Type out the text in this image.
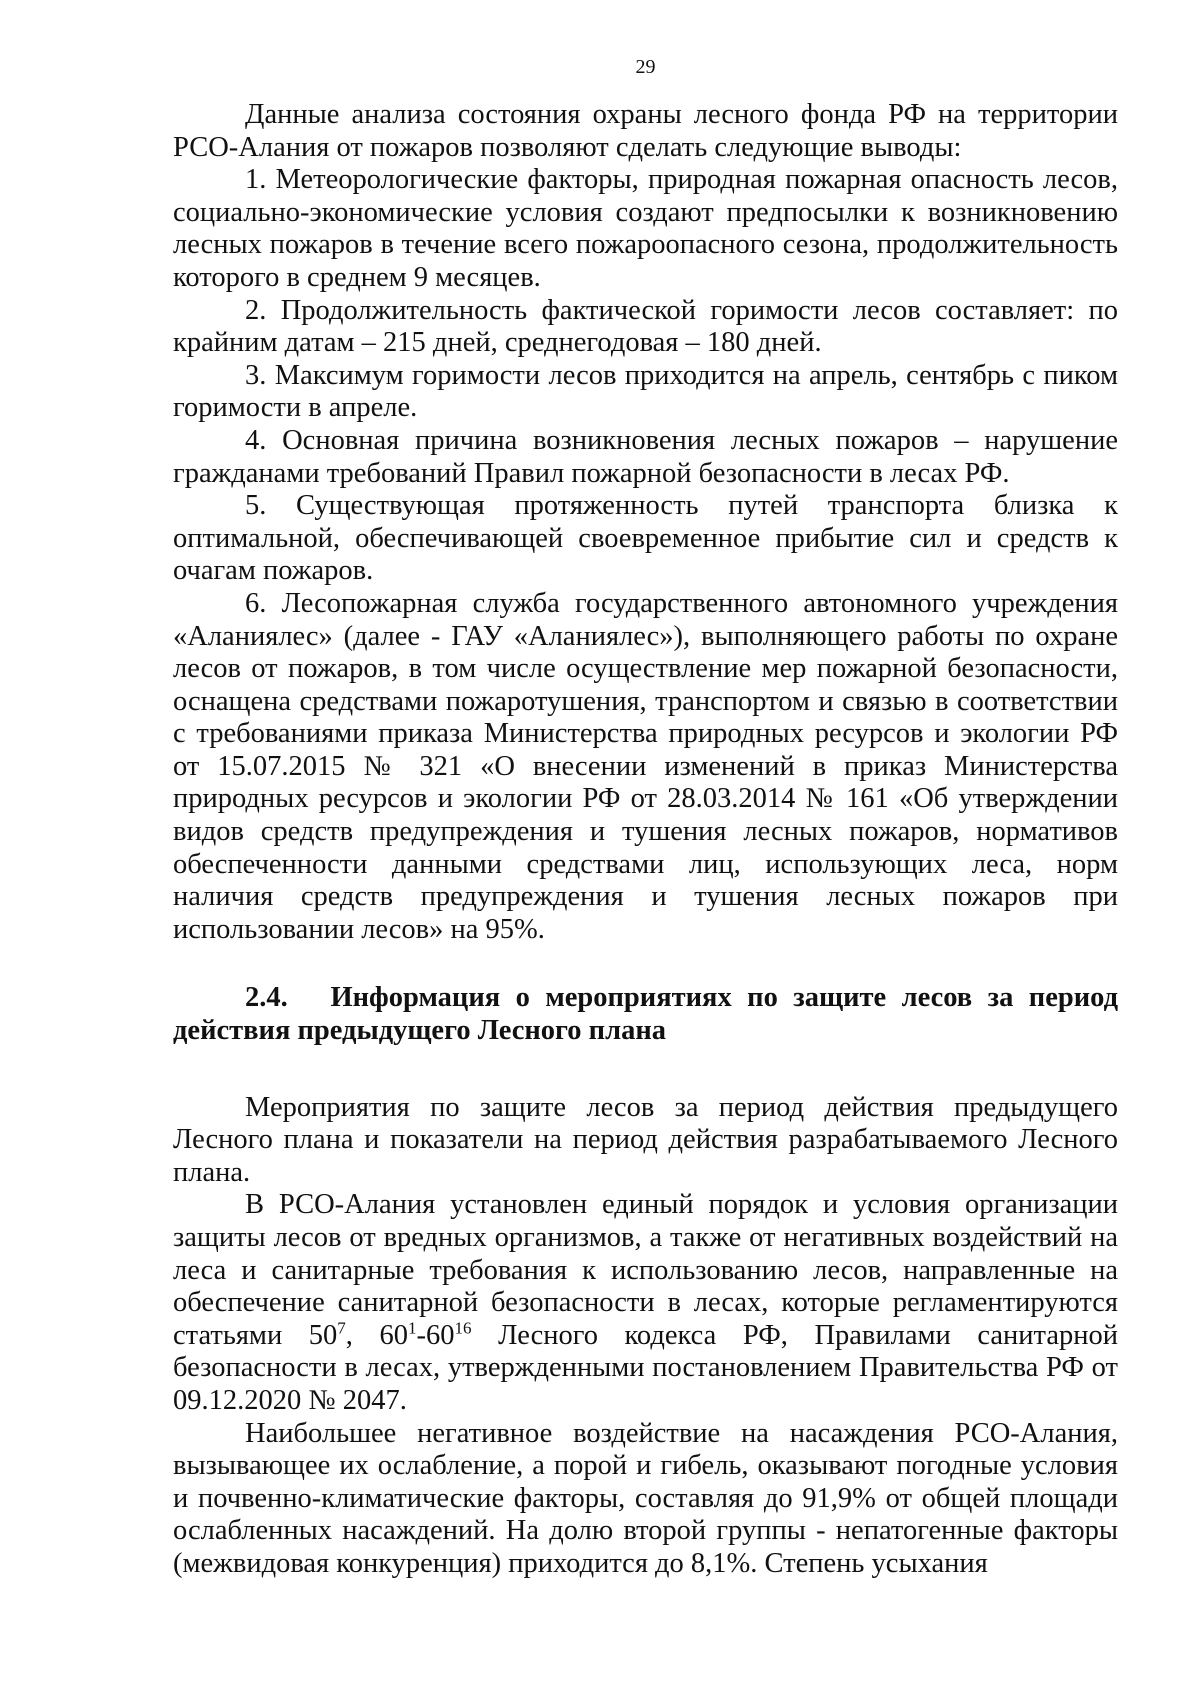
29

Данные анализа состояния охраны лесного фонда РФ на территории РСО-Алания от пожаров позволяют сделать следующие выводы:

1. Метеорологические факторы, природная пожарная опасность лесов, социально-экономические условия создают предпосылки к возникновению лесных пожаров в течение всего пожароопасного сезона, продолжительность которого в среднем 9 месяцев.

2. Продолжительность фактической горимости лесов составляет: по крайним датам – 215 дней, среднегодовая – 180 дней.

3. Максимум горимости лесов приходится на апрель, сентябрь с пиком горимости в апреле.

4. Основная причина возникновения лесных пожаров – нарушение гражданами требований Правил пожарной безопасности в лесах РФ.

5. Существующая протяженность путей транспорта близка к оптимальной, обеспечивающей своевременное прибытие сил и средств к очагам пожаров.

6. Лесопожарная служба государственного автономного учреждения «Аланиялес» (далее - ГАУ «Аланиялес»), выполняющего работы по охране лесов от пожаров, в том числе осуществление мер пожарной безопасности, оснащена средствами пожаротушения, транспортом и связью в соответствии с требованиями приказа Министерства природных ресурсов и экологии РФ от 15.07.2015 № 321 «О внесении изменений в приказ Министерства природных ресурсов и экологии РФ от 28.03.2014 № 161 «Об утверждении видов средств предупреждения и тушения лесных пожаров, нормативов обеспеченности данными средствами лиц, использующих леса, норм наличия средств предупреждения и тушения лесных пожаров при использовании лесов» на 95%.

2.4. Информация о мероприятиях по защите лесов за период действия предыдущего Лесного плана

Мероприятия по защите лесов за период действия предыдущего Лесного плана и показатели на период действия разрабатываемого Лесного плана.

В РСО-Алания установлен единый порядок и условия организации защиты лесов от вредных организмов, а также от негативных воздействий на леса и санитарные требования к использованию лесов, направленные на обеспечение санитарной безопасности в лесах, которые регламентируются статьями $50^7$, $60^1-60^{16}$ Лесного кодекса РФ, Правилами санитарной безопасности в лесах, утвержденными постановлением Правительства РФ от 09.12.2020 № 2047.

Наибольшее негативное воздействие на насаждения РСО-Алания, вызывающее их ослабление, а порой и гибель, оказывают погодные условия и почвенно-климатические факторы, составляя до 91,9% от общей площади ослабленных насаждений. На долю второй группы - непатогенные факторы (межвидовая конкуренция) приходится до 8,1%. Степень усыхания
